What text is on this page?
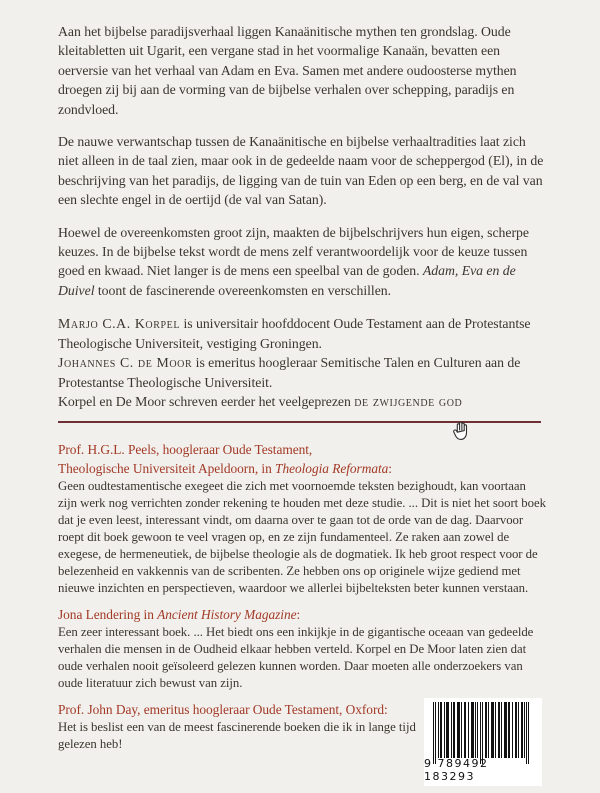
Aan het bijbelse paradijsverhaal liggen Kanaänitische mythen ten grondslag. Oude kleitabletten uit Ugarit, een vergane stad in het voormalige Kanaän, bevatten een oerversie van het verhaal van Adam en Eva. Samen met andere oudoosterse mythen droegen zij bij aan de vorming van de bijbelse verhalen over schepping, paradijs en zondvloed.

De nauwe verwantschap tussen de Kanaänitische en bijbelse verhaaltradities laat zich niet alleen in de taal zien, maar ook in de gedeelde naam voor de scheppergod (El), in de beschrijving van het paradijs, de ligging van de tuin van Eden op een berg, en de val van een slechte engel in de oertijd (de val van Satan).

Hoewel de overeenkomsten groot zijn, maakten de bijbelschrijvers hun eigen, scherpe keuzes. In de bijbelse tekst wordt de mens zelf verantwoordelijk voor de keuze tussen goed en kwaad. Niet langer is de mens een speelbal van de goden. Adam, Eva en de Duivel toont de fascinerende overeenkomsten en verschillen.

Marjo C.A. Korpel is universitair hoofddocent Oude Testament aan de Protestantse Theologische Universiteit, vestiging Groningen.

Johannes C. de Moor is emeritus hoogleraar Semitische Talen en Culturen aan de Protestantse Theologische Universiteit.

Korpel en De Moor schreven eerder het veelgeprezen de zwijgende god

Prof. H.G.L. Peels, hoogleraar Oude Testament,
Theologische Universiteit Apeldoorn, in Theologia Reformata:

Geen oudtestamentische exegeet die zich met voornoemde teksten bezighoudt, kan voortaan zijn werk nog verrichten zonder rekening te houden met deze studie. ... Dit is niet het soort boek dat je even leest, interessant vindt, om daarna over te gaan tot de orde van de dag. Daarvoor roept dit boek gewoon te veel vragen op, en ze zijn fundamenteel. Ze raken aan zowel de exegese, de hermeneutiek, de bijbelse theologie als de dogmatiek. Ik heb groot respect voor de belezenheid en vakkennis van de scribenten. Ze hebben ons op originele wijze gediend met nieuwe inzichten en perspectieven, waardoor we allerlei bijbelteksten beter kunnen verstaan.

Jona Lendering in Ancient History Magazine:

Een zeer interessant boek. ... Het biedt ons een inkijkje in de gigantische oceaan van gedeelde verhalen die mensen in de Oudheid elkaar hebben verteld. Korpel en De Moor laten zien dat oude verhalen nooit geïsoleerd gelezen kunnen worden. Daar moeten alle onderzoekers van oude literatuur zich bewust van zijn.

Prof. John Day, emeritus hoogleraar Oude Testament, Oxford:

Het is beslist een van de meest fascinerende boeken die ik in lange tijd gelezen heb!

9 789492 183293
